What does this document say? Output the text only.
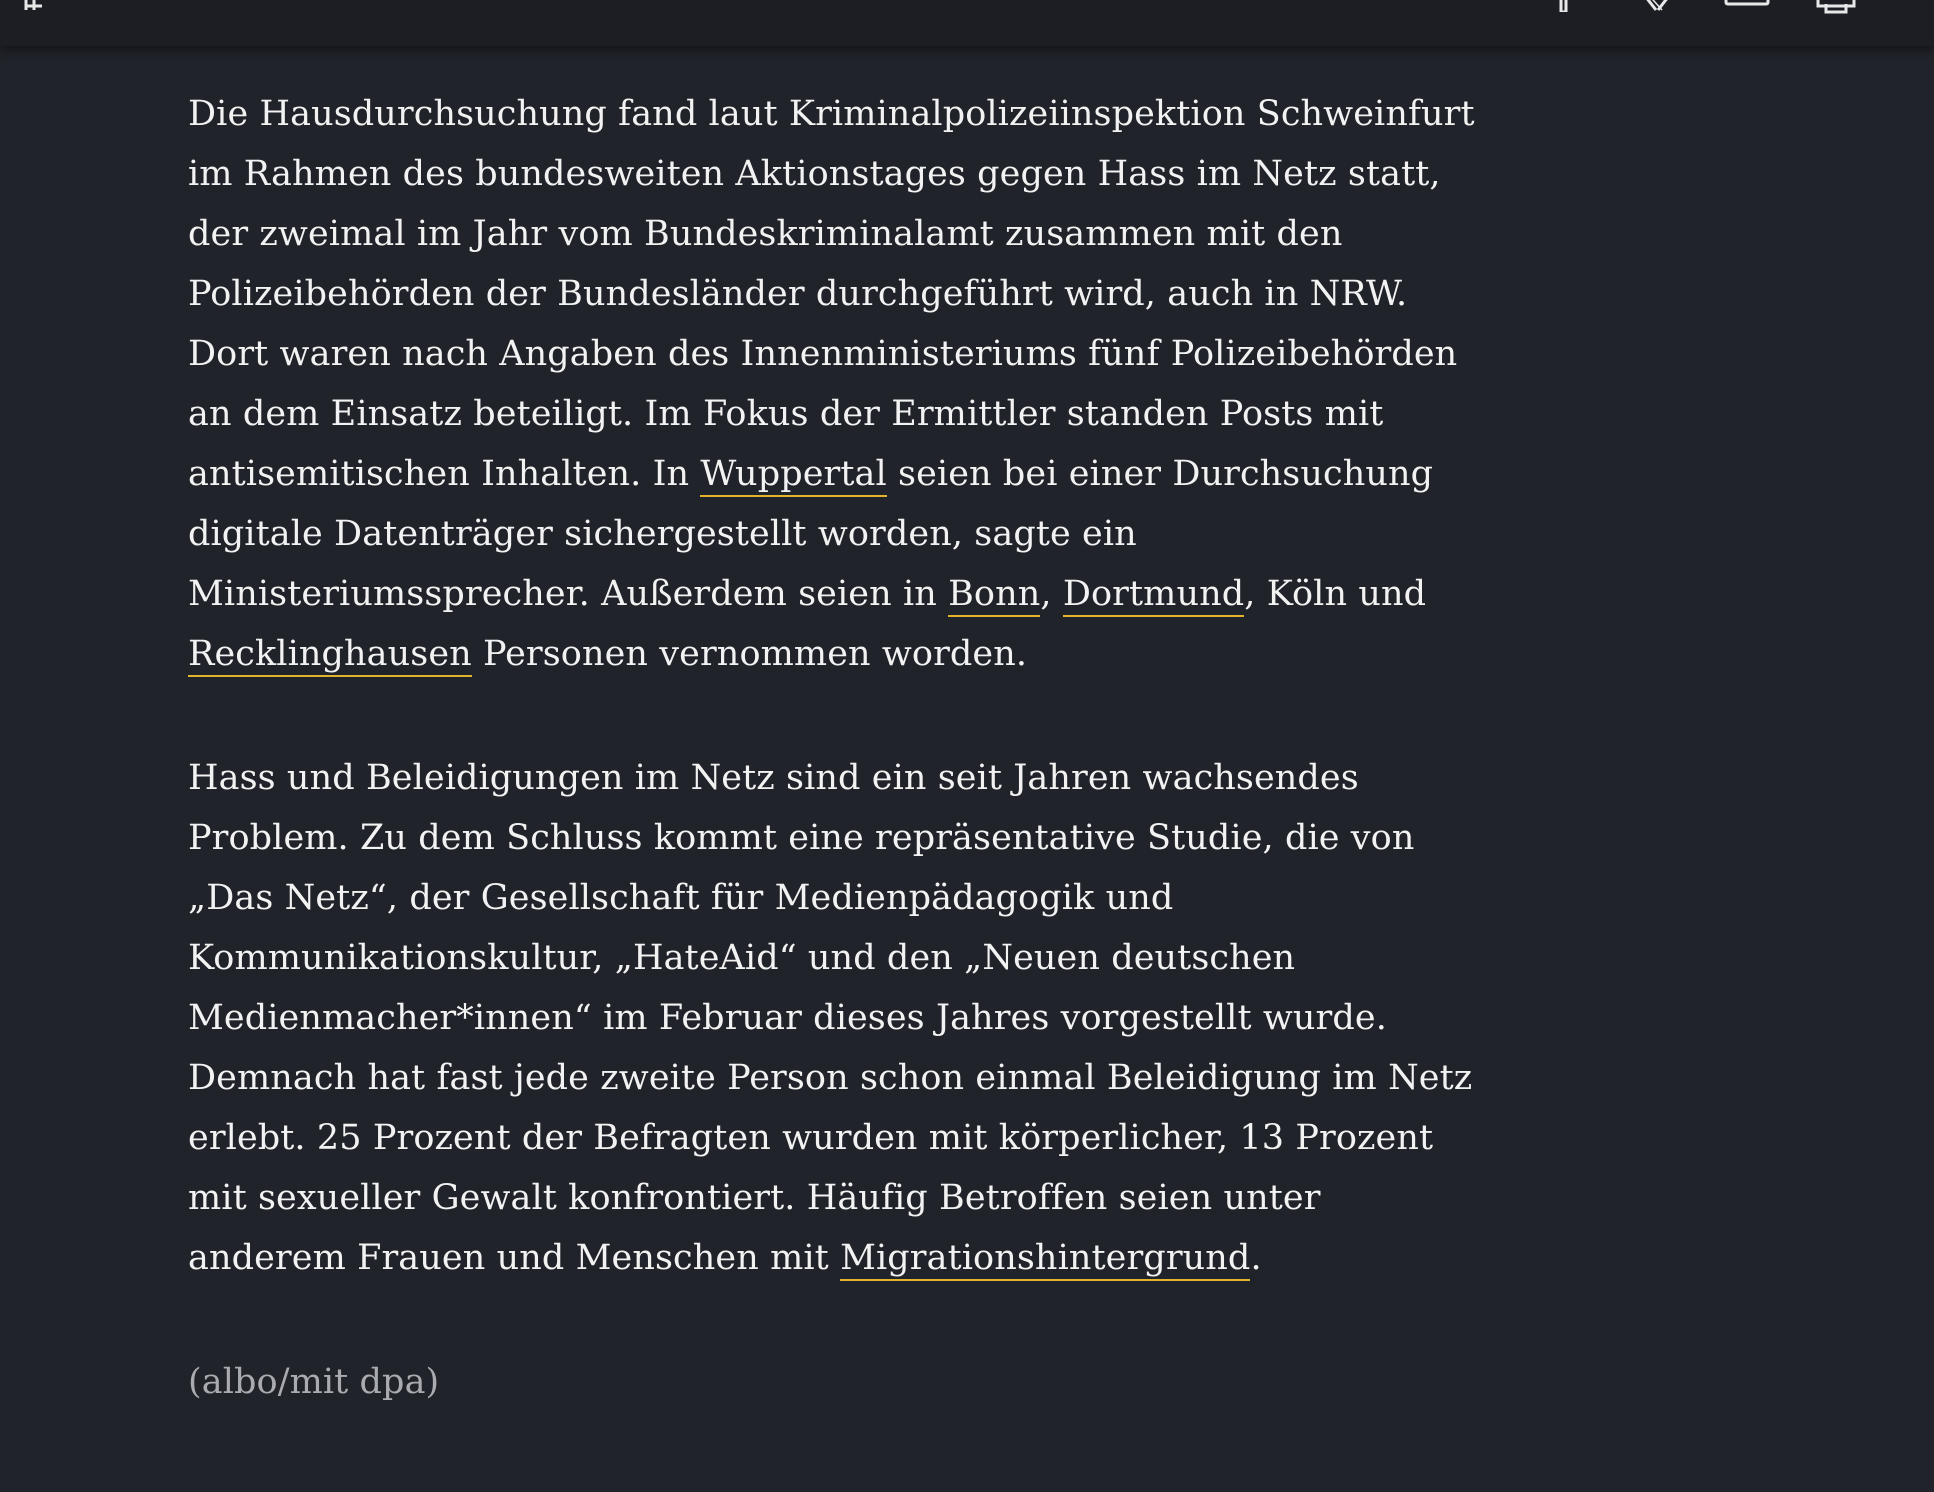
Die Hausdurchsuchung fand laut Kriminalpolizeiinspektion Schweinfurt im Rahmen des bundesweiten Aktionstages gegen Hass im Netz statt, der zweimal im Jahr vom Bundeskriminalamt zusammen mit den Polizeibehörden der Bundesländer durchgeführt wird, auch in NRW. Dort waren nach Angaben des Innenministeriums fünf Polizeibehörden an dem Einsatz beteiligt. Im Fokus der Ermittler standen Posts mit antisemitischen Inhalten. In Wuppertal seien bei einer Durchsuchung digitale Datenträger sichergestellt worden, sagte ein Ministeriumssprecher. Außerdem seien in Bonn, Dortmund, Köln und Recklinghausen Personen vernommen worden.

Hass und Beleidigungen im Netz sind ein seit Jahren wachsendes Problem. Zu dem Schluss kommt eine repräsentative Studie, die von „Das Netz“, der Gesellschaft für Medienpädagogik und Kommunikationskultur, „HateAid“ und den „Neuen deutschen Medienmacher*innen“ im Februar dieses Jahres vorgestellt wurde. Demnach hat fast jede zweite Person schon einmal Beleidigung im Netz erlebt. 25 Prozent der Befragten wurden mit körperlicher, 13 Prozent mit sexueller Gewalt konfrontiert. Häufig Betroffen seien unter anderem Frauen und Menschen mit Migrationshintergrund.

(albo/mit dpa)
